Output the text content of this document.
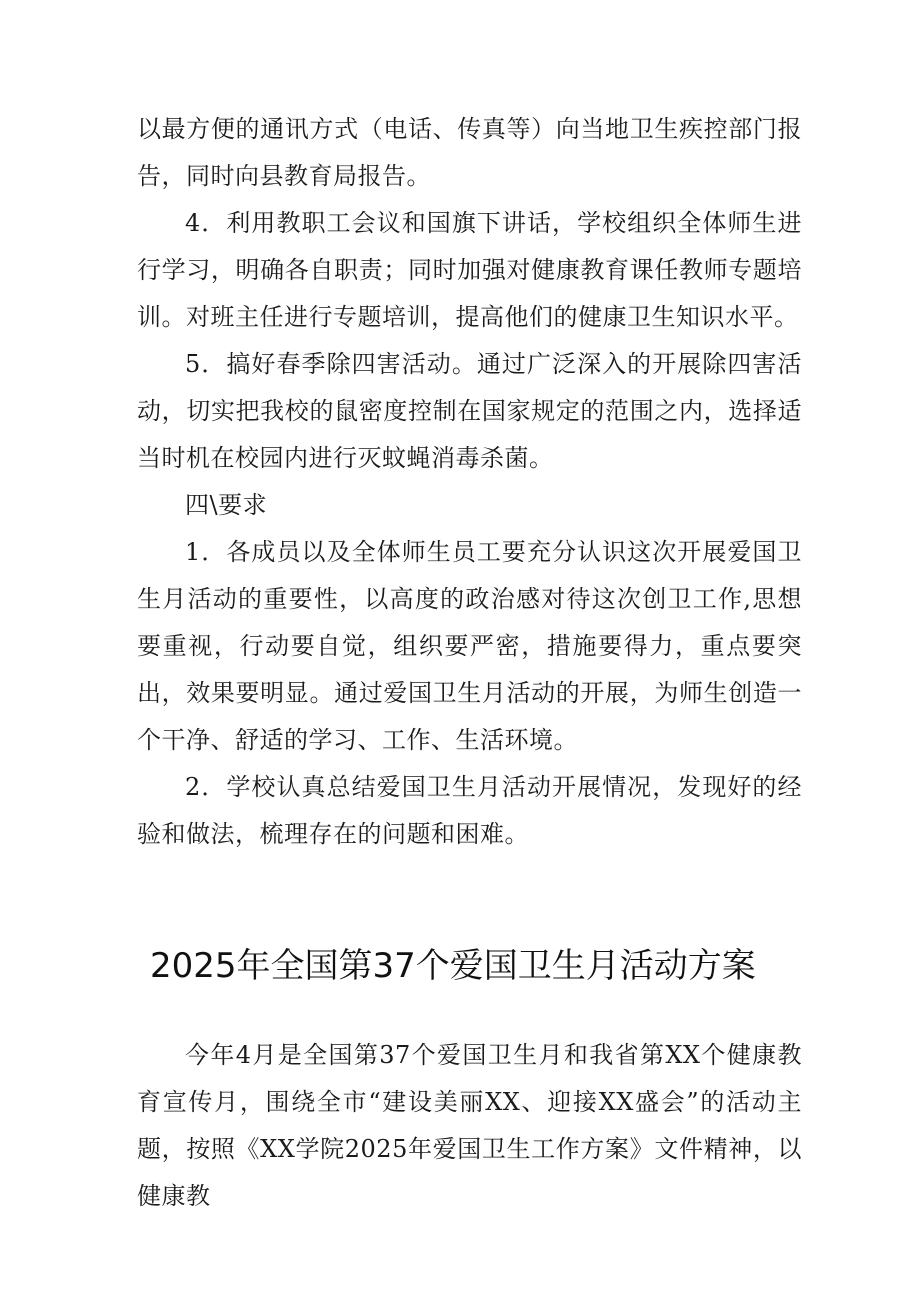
以最方便的通讯方式（电话、传真等）向当地卫生疾控部门报告，同时向县教育局报告。

4．利用教职工会议和国旗下讲话，学校组织全体师生进行学习，明确各自职责；同时加强对健康教育课任教师专题培训。对班主任进行专题培训，提高他们的健康卫生知识水平。

5．搞好春季除四害活动。通过广泛深入的开展除四害活动，切实把我校的鼠密度控制在国家规定的范围之内，选择适当时机在校园内进行灭蚊蝇消毒杀菌。

四\要求

1．各成员以及全体师生员工要充分认识这次开展爱国卫生月活动的重要性，以高度的政治感对待这次创卫工作,思想要重视，行动要自觉，组织要严密，措施要得力，重点要突出，效果要明显。通过爱国卫生月活动的开展，为师生创造一个干净、舒适的学习、工作、生活环境。

2．学校认真总结爱国卫生月活动开展情况，发现好的经验和做法，梳理存在的问题和困难。

2025年全国第37个爱国卫生月活动方案

今年4月是全国第37个爱国卫生月和我省第XX个健康教育宣传月，围绕全市“建设美丽XX、迎接XX盛会”的活动主题，按照《XX学院2025年爱国卫生工作方案》文件精神，以健康教
